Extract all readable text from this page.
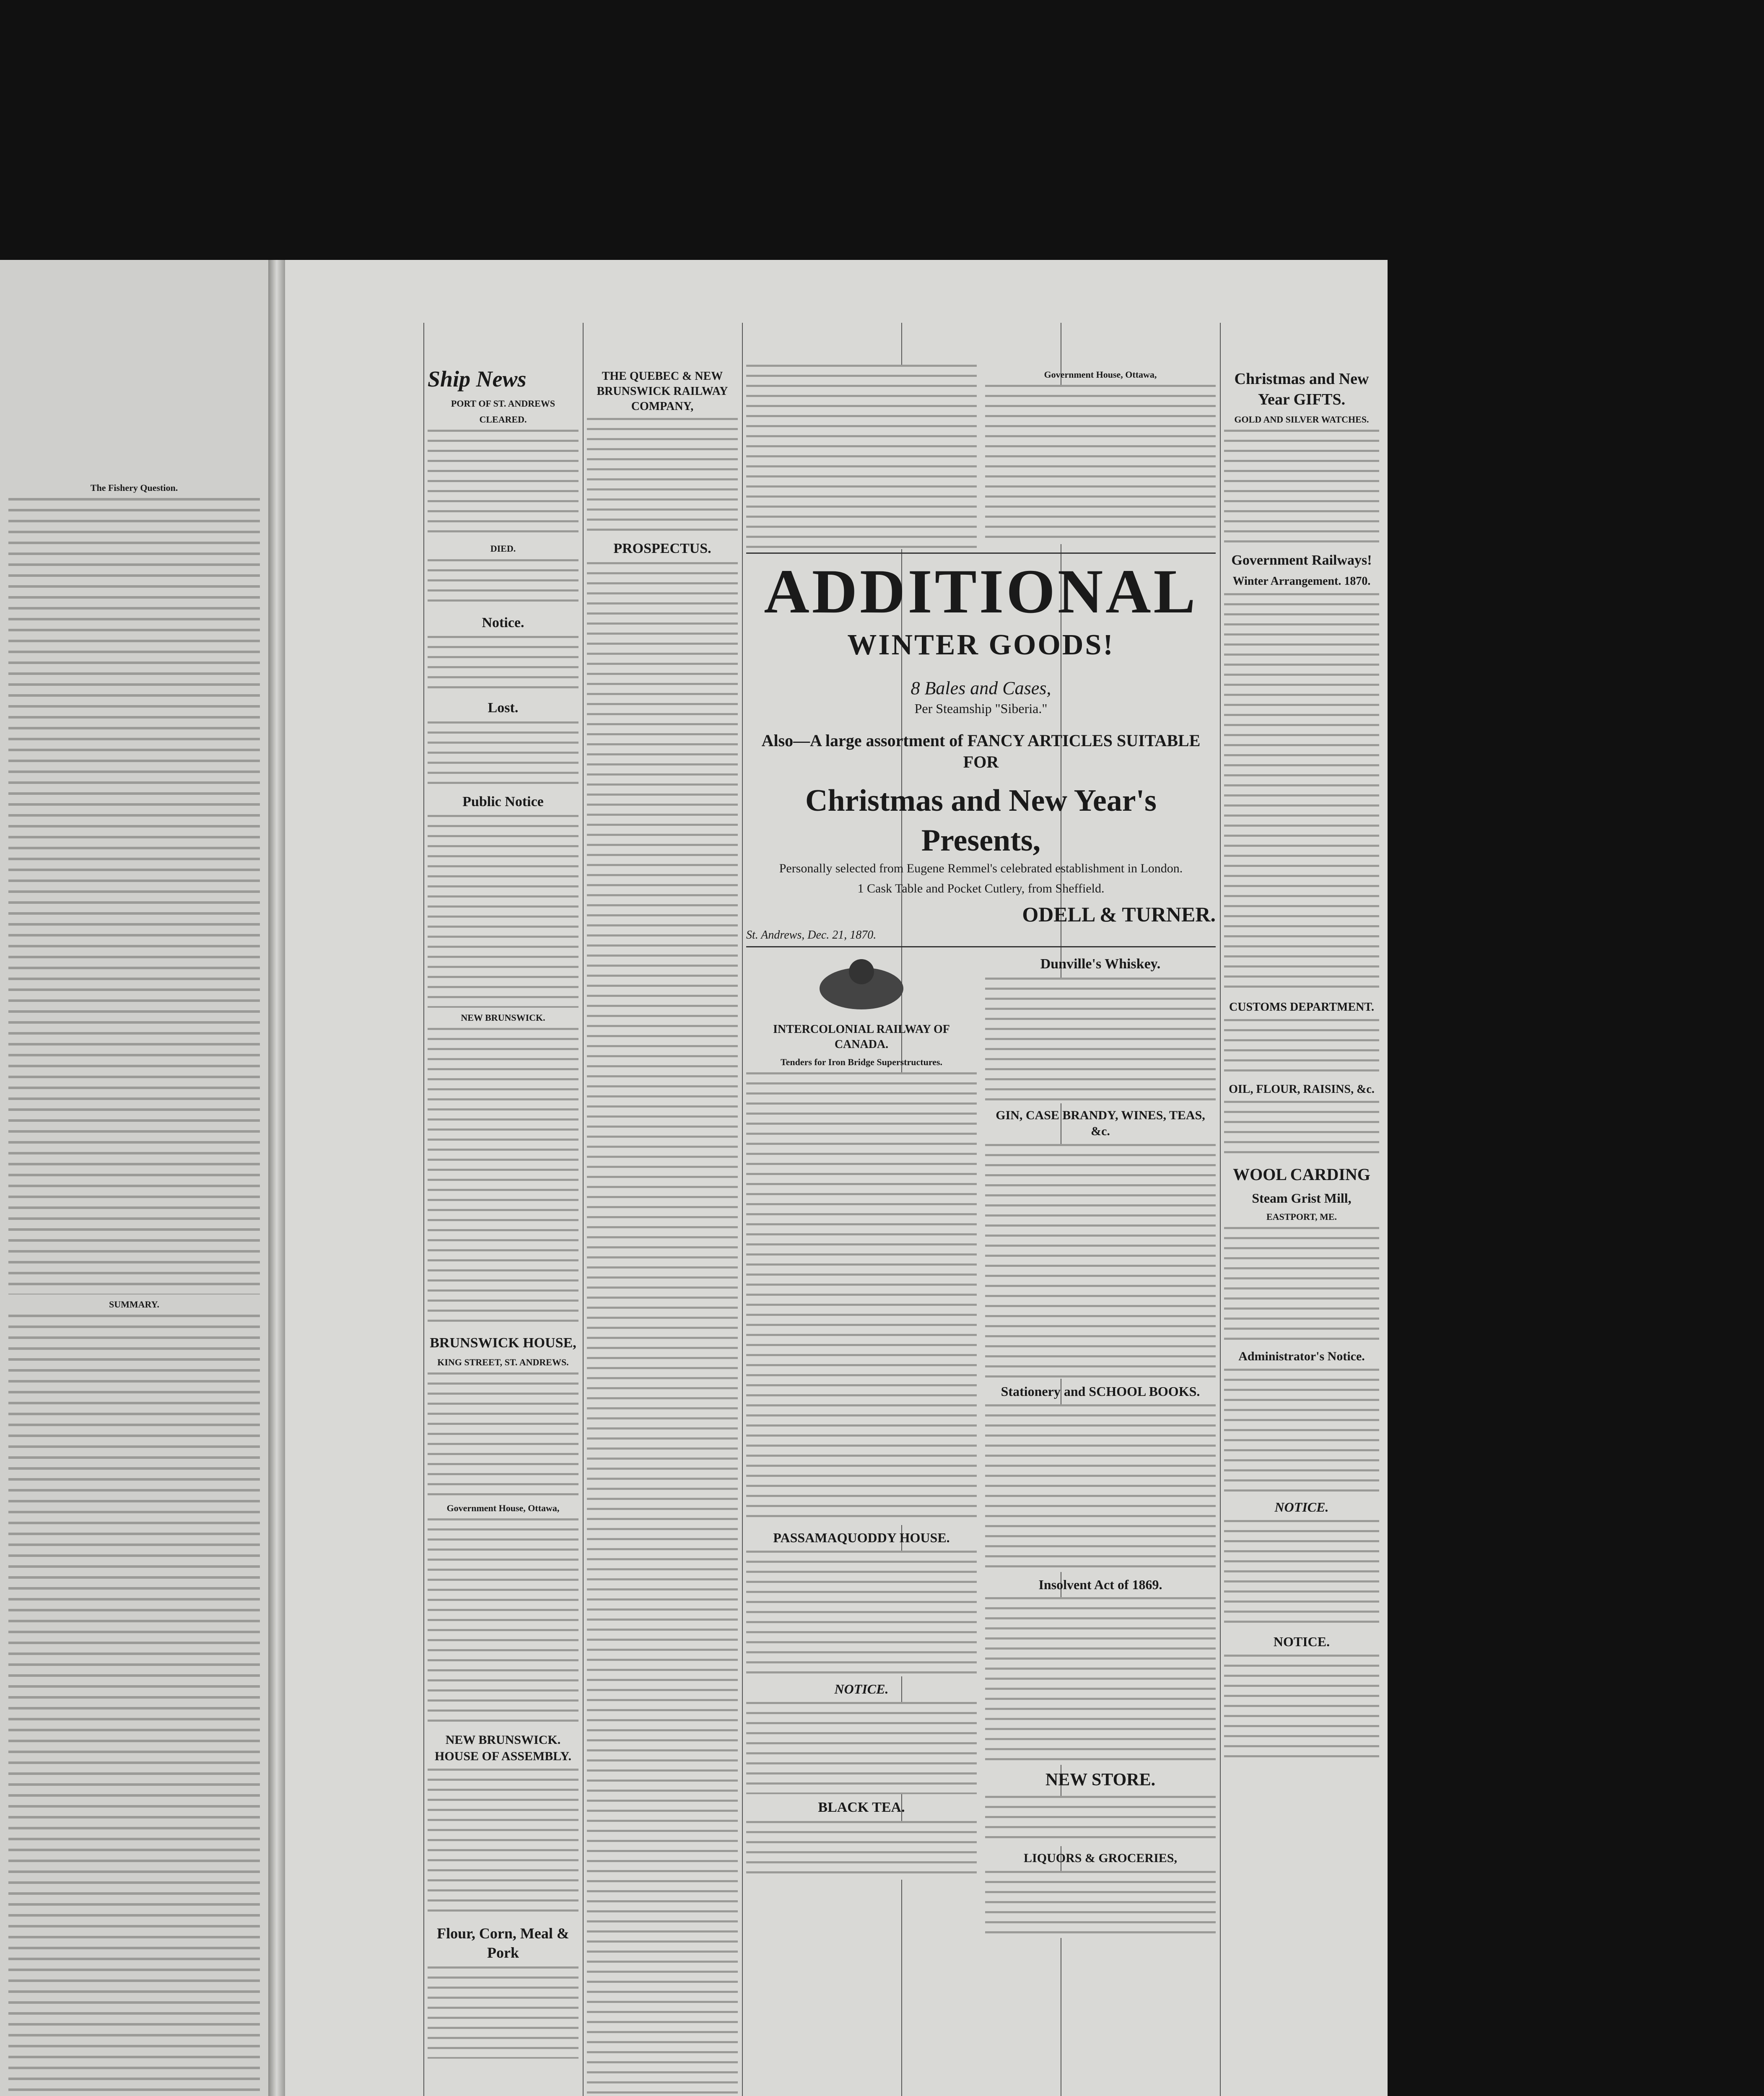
The Fishery Question.
SUMMARY.
Ship News
PORT OF ST. ANDREWS
CLEARED.
DIED.
Notice.
Lost.
Public Notice
NEW BRUNSWICK.
BRUNSWICK HOUSE,
KING STREET, ST. ANDREWS.
Government House, Ottawa,
NEW BRUNSWICK. HOUSE OF ASSEMBLY.
Flour, Corn, Meal & Pork
THE QUEBEC & NEW BRUNSWICK RAILWAY COMPANY,
PROSPECTUS.
Government House, Ottawa,
ADDITIONAL
WINTER GOODS!
8 Bales and Cases,
Per Steamship "Siberia."
Also—A large assortment of FANCY ARTICLES SUITABLE FOR
Christmas and New Year's Presents,
Personally selected from Eugene Remmel's celebrated establishment in London.
1 Cask Table and Pocket Cutlery, from Sheffield.
ODELL & TURNER.
St. Andrews, Dec. 21, 1870.
INTERCOLONIAL RAILWAY OF CANADA.
Tenders for Iron Bridge Superstructures.
PASSAMAQUODDY HOUSE.
NOTICE.
BLACK TEA.
Dunville's Whiskey.
GIN, CASE BRANDY, WINES, TEAS, &c.
Stationery and SCHOOL BOOKS.
Insolvent Act of 1869.
NEW STORE.
LIQUORS & GROCERIES,
Christmas and New Year GIFTS.
GOLD AND SILVER WATCHES.
Government Railways!
Winter Arrangement. 1870.
CUSTOMS DEPARTMENT.
OIL, FLOUR, RAISINS, &c.
WOOL CARDING
Steam Grist Mill,
EASTPORT, ME.
Administrator's Notice.
NOTICE.
NOTICE.
